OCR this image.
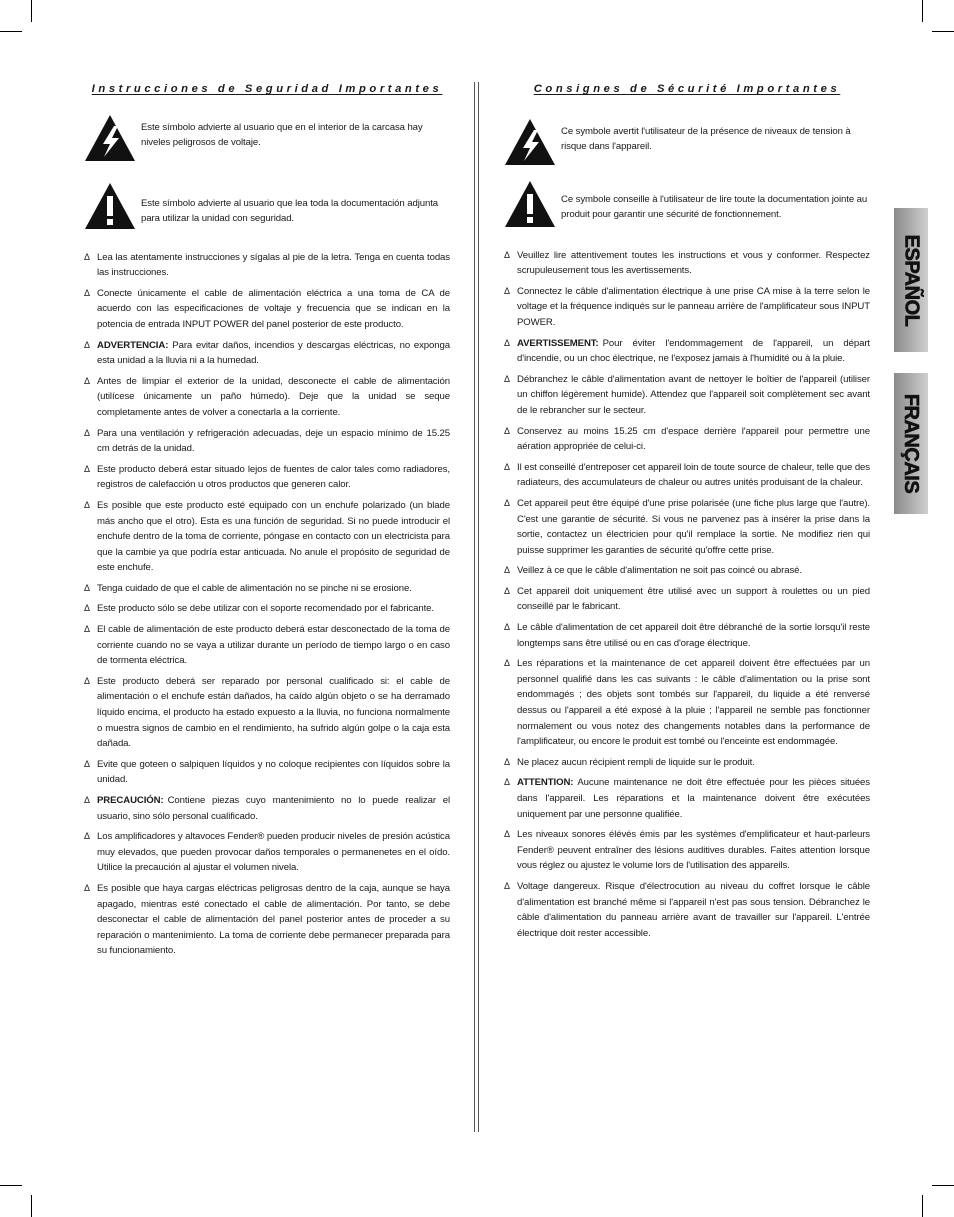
Instrucciones de Seguridad Importantes

Este símbolo advierte al usuario que en el interior de la carcasa hay niveles peligrosos de voltaje.

Este símbolo advierte al usuario que lea toda la documentación adjunta para utilizar la unidad con seguridad.

Δ Lea las atentamente instrucciones y sígalas al pie de la letra. Tenga en cuenta todas las instrucciones.
Δ Conecte únicamente el cable de alimentación eléctrica a una toma de CA de acuerdo con las especificaciones de voltaje y frecuencia que se indican en la potencia de entrada INPUT POWER del panel posterior de este producto.
Δ ADVERTENCIA: Para evitar daños, incendios y descargas eléctricas, no exponga esta unidad a la lluvia ni a la humedad.
Δ Antes de limpiar el exterior de la unidad, desconecte el cable de alimentación (utilícese únicamente un paño húmedo). Deje que la unidad se seque completamente antes de volver a conectarla a la corriente.
Δ Para una ventilación y refrigeración adecuadas, deje un espacio mínimo de 15.25 cm detrás de la unidad.
Δ Este producto deberá estar situado lejos de fuentes de calor tales como radiadores, registros de calefacción u otros productos que generen calor.
Δ Es posible que este producto esté equipado con un enchufe polarizado (un blade más ancho que el otro). Esta es una función de seguridad. Si no puede introducir el enchufe dentro de la toma de corriente, póngase en contacto con un electricista para que la cambie ya que podría estar anticuada. No anule el propósito de seguridad de este enchufe.
Δ Tenga cuidado de que el cable de alimentación no se pinche ni se erosione.
Δ Este producto sólo se debe utilizar con el soporte recomendado por el fabricante.
Δ El cable de alimentación de este producto deberá estar desconectado de la toma de corriente cuando no se vaya a utilizar durante un período de tiempo largo o en caso de tormenta eléctrica.
Δ Este producto deberá ser reparado por personal cualificado si: el cable de alimentación o el enchufe están dañados, ha caído algún objeto o se ha derramado líquido encima, el producto ha estado expuesto a la lluvia, no funciona normalmente o muestra signos de cambio en el rendimiento, ha sufrido algún golpe o la caja esta dañada.
Δ Evite que goteen o salpiquen líquidos y no coloque recipientes con líquidos sobre la unidad.
Δ PRECAUCIÓN: Contiene piezas cuyo mantenimiento no lo puede realizar el usuario, sino sólo personal cualificado.
Δ Los amplificadores y altavoces Fender® pueden producir niveles de presión acústica muy elevados, que pueden provocar daños temporales o permanenetes en el oído. Utilice la precaución al ajustar el volumen nivela.
Δ Es posible que haya cargas eléctricas peligrosas dentro de la caja, aunque se haya apagado, mientras esté conectado el cable de alimentación. Por tanto, se debe desconectar el cable de alimentación del panel posterior antes de proceder a su reparación o mantenimiento. La toma de corriente debe permanecer preparada para su funcionamiento.
Consignes de Sécurité Importantes

Ce symbole avertit l'utilisateur de la présence de niveaux de tension à risque dans l'appareil.

Ce symbole conseille à l'utilisateur de lire toute la documentation jointe au produit pour garantir une sécurité de fonctionnement.

Δ Veuillez lire attentivement toutes les instructions et vous y conformer. Respectez scrupuleusement tous les avertissements.
Δ Connectez le câble d'alimentation électrique à une prise CA mise à la terre selon le voltage et la fréquence indiqués sur le panneau arrière de l'amplificateur sous INPUT POWER.
Δ AVERTISSEMENT: Pour éviter l'endommagement de l'appareil, un départ d'incendie, ou un choc électrique, ne l'exposez jamais à l'humidité ou à la pluie.
Δ Débranchez le câble d'alimentation avant de nettoyer le boîtier de l'appareil (utiliser un chiffon légèrement humide). Attendez que l'appareil soit complètement sec avant de le rebrancher sur le secteur.
Δ Conservez au moins 15.25 cm d'espace derrière l'appareil pour permettre une aération appropriée de celui-ci.
Δ Il est conseillé d'entreposer cet appareil loin de toute source de chaleur, telle que des radiateurs, des accumulateurs de chaleur ou autres unités produisant de la chaleur.
Δ Cet appareil peut être équipé d'une prise polarisée (une fiche plus large que l'autre). C'est une garantie de sécurité. Si vous ne parvenez pas à insérer la prise dans la sortie, contactez un électricien pour qu'il remplace la sortie. Ne modifiez rien qui puisse supprimer les garanties de sécurité qu'offre cette prise.
Δ Veillez à ce que le câble d'alimentation ne soit pas coincé ou abrasé.
Δ Cet appareil doit uniquement être utilisé avec un support à roulettes ou un pied conseillé par le fabricant.
Δ Le câble d'alimentation de cet appareil doit être débranché de la sortie lorsqu'il reste longtemps sans être utilisé ou en cas d'orage électrique.
Δ Les réparations et la maintenance de cet appareil doivent être effectuées par un personnel qualifié dans les cas suivants : le câble d'alimentation ou la prise sont endommagés ; des objets sont tombés sur l'appareil, du liquide a été renversé dessus ou l'appareil a été exposé à la pluie ; l'appareil ne semble pas fonctionner normalement ou vous notez des changements notables dans la performance de l'amplificateur, ou encore le produit est tombé ou l'enceinte est endommagée.
Δ Ne placez aucun récipient rempli de liquide sur le produit.
Δ ATTENTION: Aucune maintenance ne doit être effectuée pour les pièces situées dans l'appareil. Les réparations et la maintenance doivent être exécutées uniquement par une personne qualifiée.
Δ Les niveaux sonores élévés émis par les systèmes d'emplificateur et haut-parleurs Fender® peuvent entraîner des lésions auditives durables. Faites attention lorsque vous réglez ou ajustez le volume lors de l'utilisation des appareils.
Δ Voltage dangereux. Risque d'électrocution au niveau du coffret lorsque le câble d'alimentation est branché même si l'appareil n'est pas sous tension. Débranchez le câble d'alimentation du panneau arrière avant de travailler sur l'appareil. L'entrée électrique doit rester accessible.
ESPAÑOL
FRANÇAIS
